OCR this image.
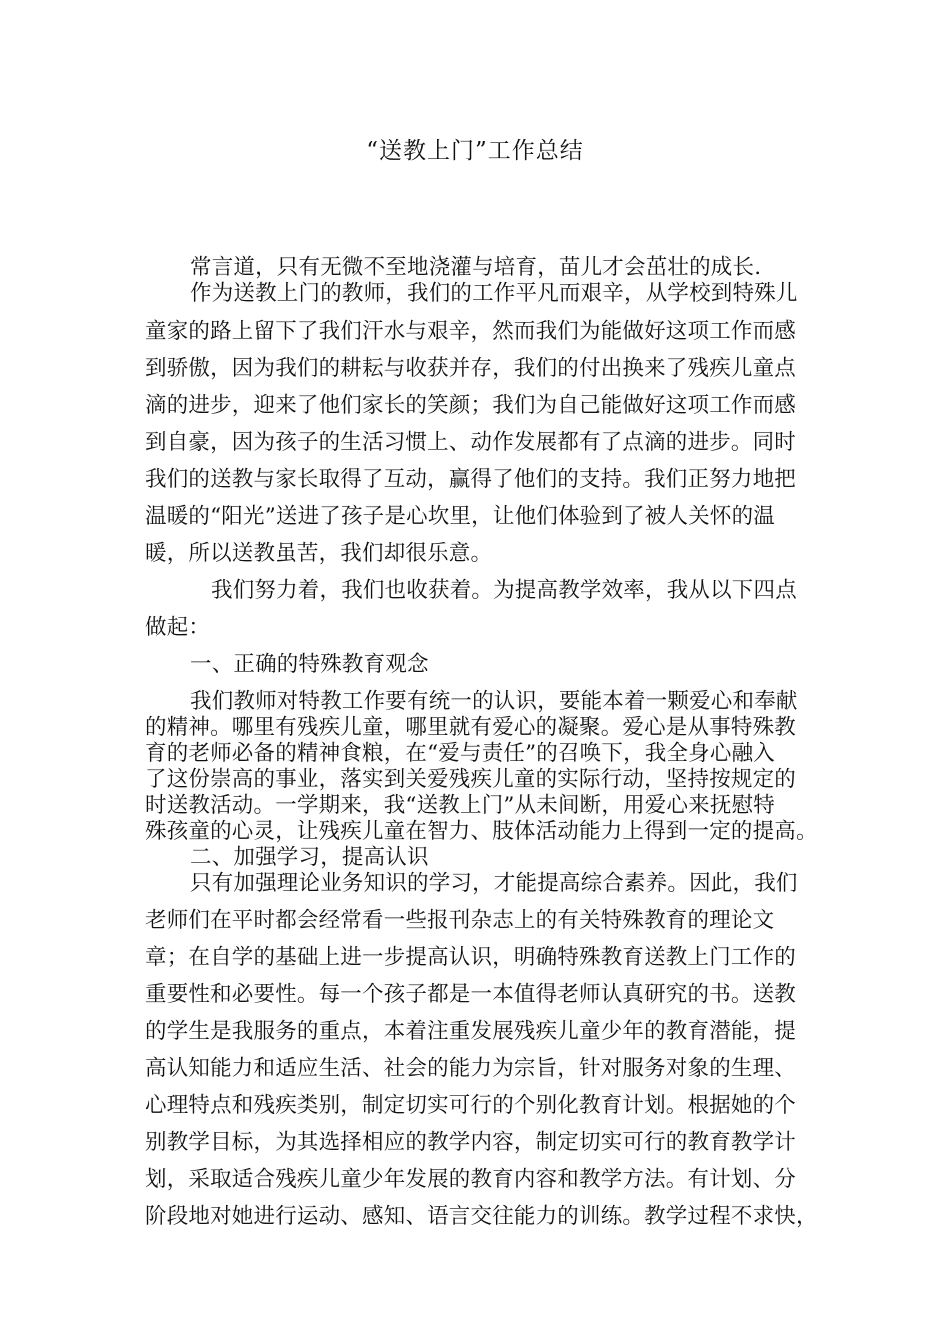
“送教上门”工作总结
常言道，只有无微不至地浇灌与培育，苗儿才会茁壮的成长.
作为送教上门的教师，我们的工作平凡而艰辛，从学校到特殊儿
童家的路上留下了我们汗水与艰辛，然而我们为能做好这项工作而感
到骄傲，因为我们的耕耘与收获并存，我们的付出换来了残疾儿童点
滴的进步，迎来了他们家长的笑颜；我们为自己能做好这项工作而感
到自豪，因为孩子的生活习惯上、动作发展都有了点滴的进步。同时
我们的送教与家长取得了互动，赢得了他们的支持。我们正努力地把
温暖的“阳光”送进了孩子是心坎里，让他们体验到了被人关怀的温
暖，所以送教虽苦，我们却很乐意。
我们努力着，我们也收获着。为提高教学效率，我从以下四点
做起：
一、正确的特殊教育观念
我们教师对特教工作要有统一的认识，要能本着一颗爱心和奉献
的精神。哪里有残疾儿童，哪里就有爱心的凝聚。爱心是从事特殊教
育的老师必备的精神食粮，在“爱与责任”的召唤下，我全身心融入
了这份崇高的事业，落实到关爱残疾儿童的实际行动，坚持按规定的
时送教活动。一学期来，我“送教上门”从未间断，用爱心来抚慰特
殊孩童的心灵，让残疾儿童在智力、肢体活动能力上得到一定的提高。
二、加强学习，提高认识
只有加强理论业务知识的学习，才能提高综合素养。因此，我们
老师们在平时都会经常看一些报刊杂志上的有关特殊教育的理论文
章；在自学的基础上进一步提高认识，明确特殊教育送教上门工作的
重要性和必要性。每一个孩子都是一本值得老师认真研究的书。送教
的学生是我服务的重点，本着注重发展残疾儿童少年的教育潜能，提
高认知能力和适应生活、社会的能力为宗旨，针对服务对象的生理、
心理特点和残疾类别，制定切实可行的个别化教育计划。根据她的个
别教学目标，为其选择相应的教学内容，制定切实可行的教育教学计
划，采取适合残疾儿童少年发展的教育内容和教学方法。有计划、分
阶段地对她进行运动、感知、语言交往能力的训练。教学过程不求快，
